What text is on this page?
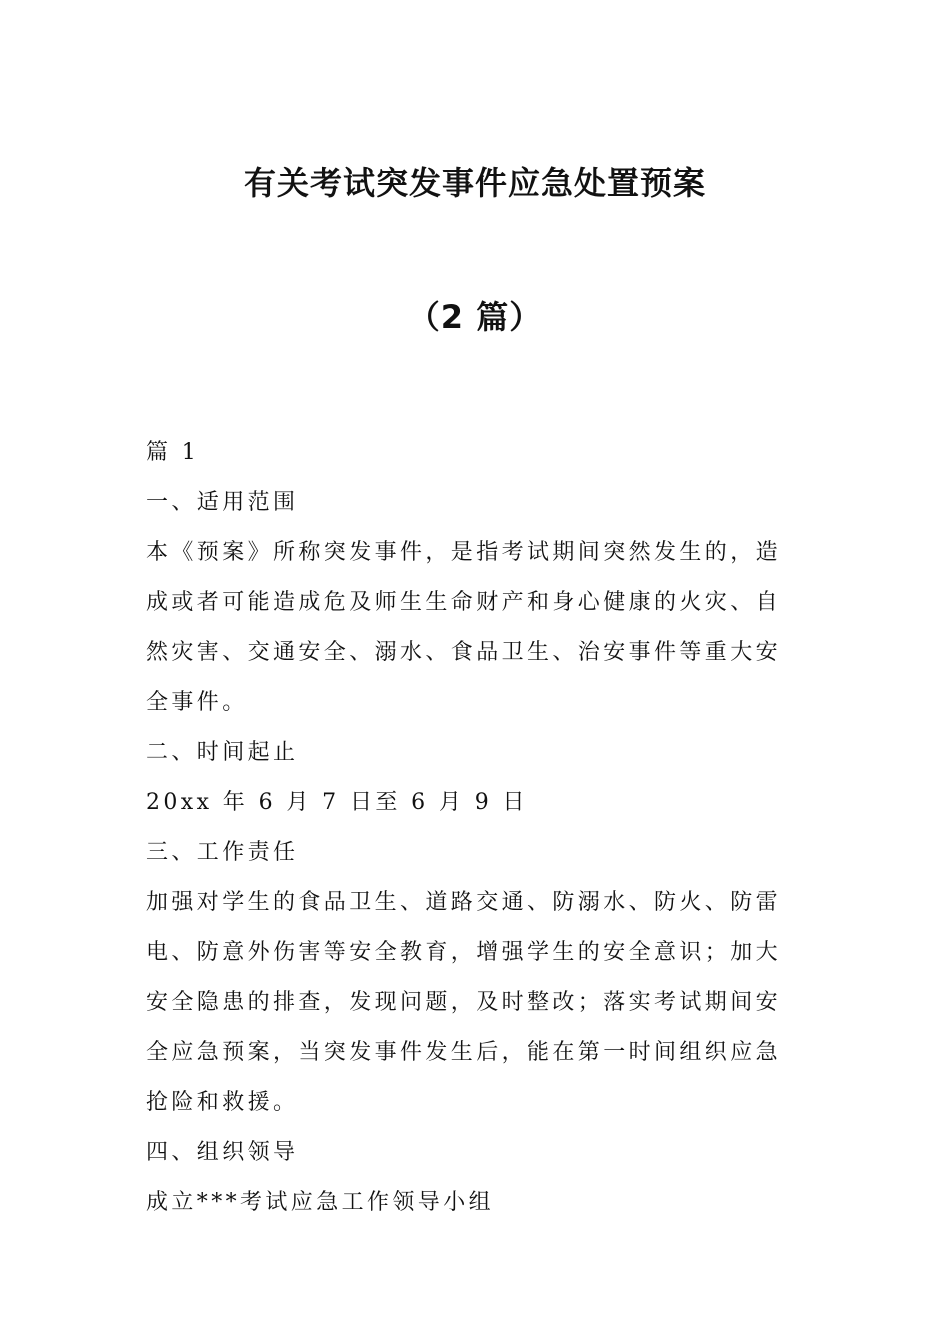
有关考试突发事件应急处置预案
（2 篇）

篇 1

一、适用范围

本《预案》所称突发事件，是指考试期间突然发生的，造成或者可能造成危及师生生命财产和身心健康的火灾、自然灾害、交通安全、溺水、食品卫生、治安事件等重大安全事件。

二、时间起止

20xx 年 6 月 7 日至 6 月 9 日

三、工作责任

加强对学生的食品卫生、道路交通、防溺水、防火、防雷电、防意外伤害等安全教育，增强学生的安全意识；加大安全隐患的排查，发现问题，及时整改；落实考试期间安全应急预案，当突发事件发生后，能在第一时间组织应急抢险和救援。

四、组织领导

成立***考试应急工作领导小组
